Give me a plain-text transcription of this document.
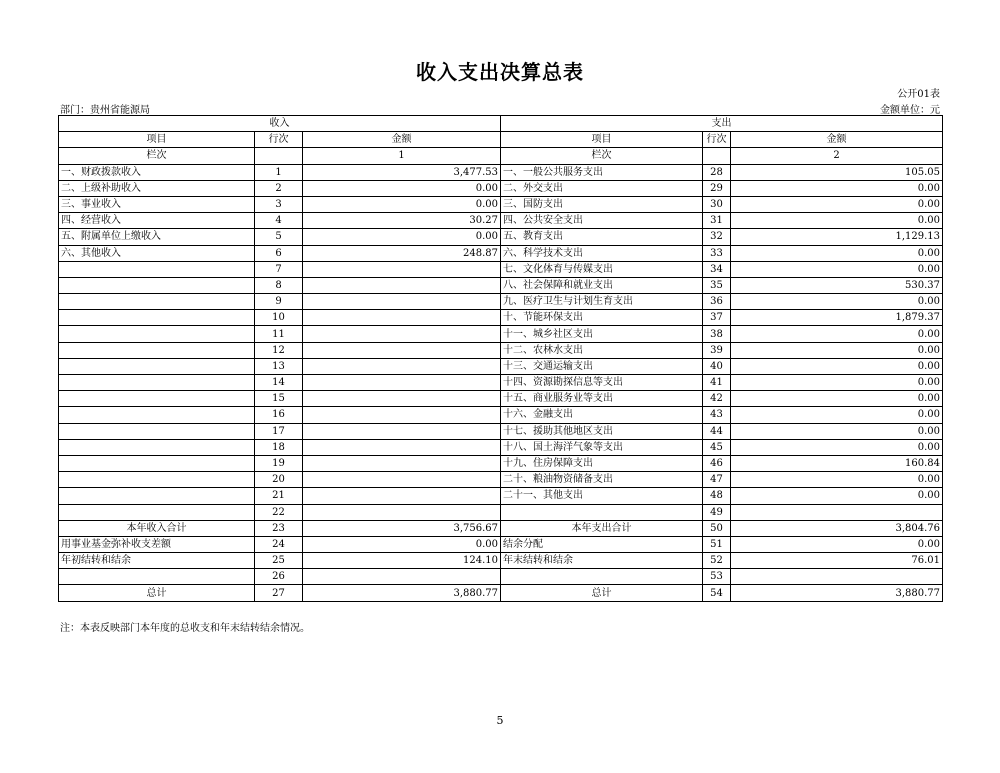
收入支出决算总表
公开01表
部门：贵州省能源局	金额单位：元
收入			支出		
项目	行次	金额	项目	行次	金额
栏次		1	栏次		2
一、财政拨款收入	1	3,477.53	一、一般公共服务支出	28	105.05
二、上级补助收入	2	0.00	二、外交支出	29	0.00
三、事业收入	3	0.00	三、国防支出	30	0.00
四、经营收入	4	30.27	四、公共安全支出	31	0.00
五、附属单位上缴收入	5	0.00	五、教育支出	32	1,129.13
六、其他收入	6	248.87	六、科学技术支出	33	0.00
	7		七、文化体育与传媒支出	34	0.00
	8		八、社会保障和就业支出	35	530.37
	9		九、医疗卫生与计划生育支出	36	0.00
	10		十、节能环保支出	37	1,879.37
	11		十一、城乡社区支出	38	0.00
	12		十二、农林水支出	39	0.00
	13		十三、交通运输支出	40	0.00
	14		十四、资源勘探信息等支出	41	0.00
	15		十五、商业服务业等支出	42	0.00
	16		十六、金融支出	43	0.00
	17		十七、援助其他地区支出	44	0.00
	18		十八、国土海洋气象等支出	45	0.00
	19		十九、住房保障支出	46	160.84
	20		二十、粮油物资储备支出	47	0.00
	21		二十一、其他支出	48	0.00
	22			49	
本年收入合计	23	3,756.67	本年支出合计	50	3,804.76
用事业基金弥补收支差额	24	0.00	结余分配	51	0.00
年初结转和结余	25	124.10	年末结转和结余	52	76.01
	26			53	
总计	27	3,880.77	总计	54	3,880.77
注：本表反映部门本年度的总收支和年末结转结余情况。
5
